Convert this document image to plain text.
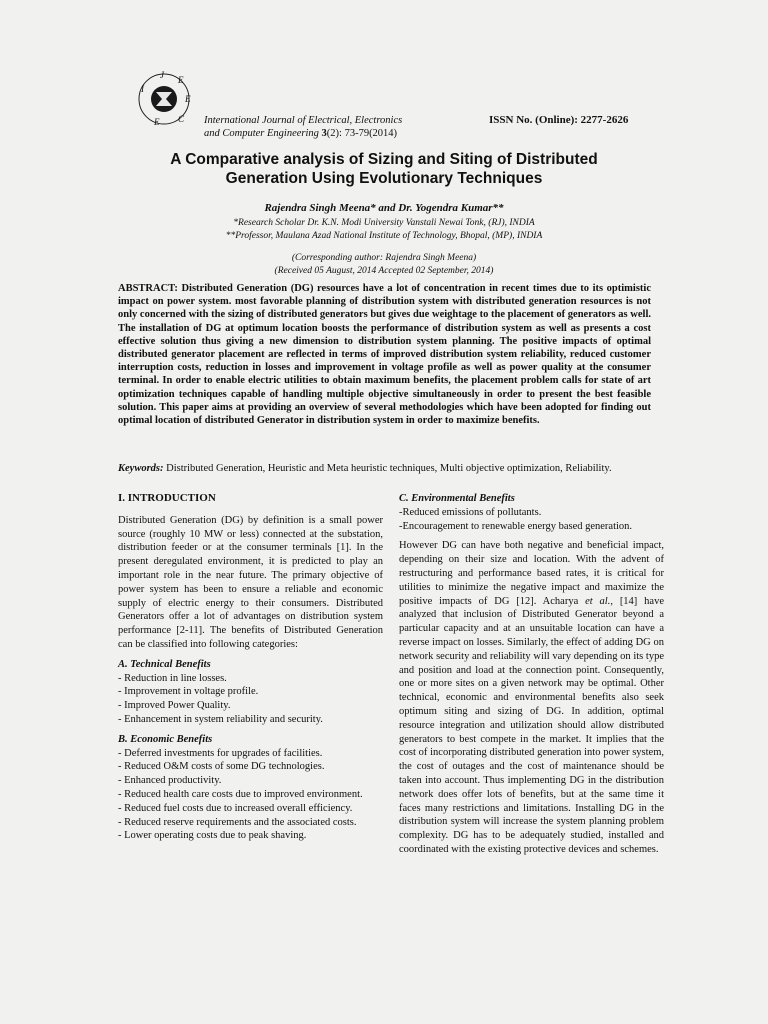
J E
E
I
C
E	International Journal of Electrical, Electronics
and Computer Engineering 3(2): 73-79(2014)
ISSN No. (Online): 2277-2626
A Comparative analysis of Sizing and Siting of Distributed
Generation Using Evolutionary Techniques
Rajendra Singh Meena* and Dr. Yogendra Kumar**
*Research Scholar Dr. K.N. Modi University Vanstali Newai Tonk, (RJ), INDIA
**Professor, Maulana Azad National Institute of Technology, Bhopal, (MP), INDIA
(Corresponding author: Rajendra Singh Meena)
(Received 05 August, 2014 Accepted 02 September, 2014)
ABSTRACT: Distributed Generation (DG) resources have a lot of concentration in recent times due to its optimistic impact on power system. most favorable planning of distribution system with distributed generation resources is not only concerned with the sizing of distributed generators but gives due weightage to the placement of generators as well. The installation of DG at optimum location boosts the performance of distribution system as well as presents a cost effective solution thus giving a new dimension to distribution system planning. The positive impacts of optimal distributed generator placement are reflected in terms of improved distribution system reliability, reduced customer interruption costs, reduction in losses and improvement in voltage profile as well as power quality at the consumer terminal. In order to enable electric utilities to obtain maximum benefits, the placement problem calls for state of art optimization techniques capable of handling multiple objective simultaneously in order to present the best feasible solution. This paper aims at providing an overview of several methodologies which have been adopted for finding out optimal location of distributed Generator in distribution system in order to maximize benefits.
Keywords: Distributed Generation, Heuristic and Meta heuristic techniques, Multi objective optimization, Reliability.
I. INTRODUCTION
Distributed Generation (DG) by definition is a small power source (roughly 10 MW or less) connected at the substation, distribution feeder or at the consumer terminals [1]. In the present deregulated environment, it is predicted to play an important role in the near future. The primary objective of power system has been to ensure a reliable and economic supply of electric energy to their consumers. Distributed Generators offer a lot of advantages on distribution system performance [2-11]. The benefits of Distributed Generation can be classified into following categories:
A. Technical Benefits
- Reduction in line losses.
- Improvement in voltage profile.
- Improved Power Quality.
- Enhancement in system reliability and security.
B. Economic Benefits
- Deferred investments for upgrades of facilities.
- Reduced O&M costs of some DG technologies.
- Enhanced productivity.
- Reduced health care costs due to improved environment.
- Reduced fuel costs due to increased overall efficiency.
- Reduced reserve requirements and the associated costs.
- Lower operating costs due to peak shaving.
C. Environmental Benefits
-Reduced emissions of pollutants.
-Encouragement to renewable energy based generation.
However DG can have both negative and beneficial impact, depending on their size and location. With the advent of restructuring and performance based rates, it is critical for utilities to minimize the negative impact and maximize the positive impacts of DG [12]. Acharya et al., [14] have analyzed that inclusion of Distributed Generator beyond a particular capacity and at an unsuitable location can have a reverse impact on losses. Similarly, the effect of adding DG on network security and reliability will vary depending on its type and position and load at the connection point. Consequently, one or more sites on a given network may be optimal. Other technical, economic and environmental benefits also seek optimum siting and sizing of DG. In addition, optimal resource integration and utilization should allow distributed generators to best compete in the market. It implies that the cost of incorporating distributed generation into power system, the cost of outages and the cost of maintenance should be taken into account. Thus implementing DG in the distribution network does offer lots of benefits, but at the same time it faces many restrictions and limitations. Installing DG in the distribution system will increase the system planning problem complexity. DG has to be adequately studied, installed and coordinated with the existing protective devices and schemes.
